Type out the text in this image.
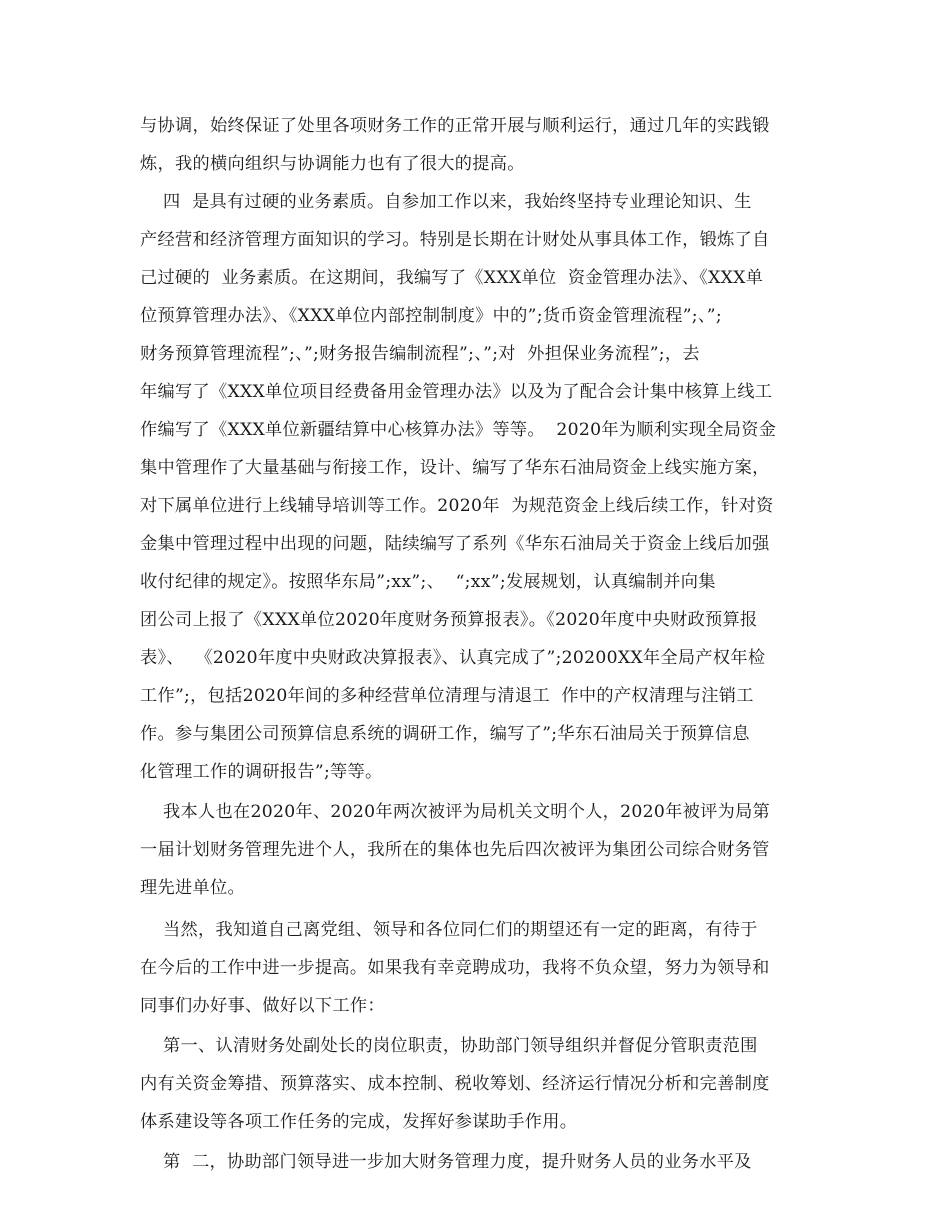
与协调，始终保证了处里各项财务工作的正常开展与顺利运行，通过几年的实践锻
炼，我的横向组织与协调能力也有了很大的提高。
四  是具有过硬的业务素质。自参加工作以来，我始终坚持专业理论知识、生
产经营和经济管理方面知识的学习。特别是长期在计财处从事具体工作，锻炼了自
己过硬的  业务素质。在这期间，我编写了《XXX单位  资金管理办法》、《XXX单
位预算管理办法》、《XXX单位内部控制制度》中的”;货币资金管理流程”;、”;
财务预算管理流程”;、”;财务报告编制流程”;、”;对  外担保业务流程”;，去
年编写了《XXX单位项目经费备用金管理办法》以及为了配合会计集中核算上线工
作编写了《XXX单位新疆结算中心核算办法》等等。  2020年为顺利实现全局资金
集中管理作了大量基础与衔接工作，设计、编写了华东石油局资金上线实施方案，
对下属单位进行上线辅导培训等工作。2020年  为规范资金上线后续工作，针对资
金集中管理过程中出现的问题，陆续编写了系列《华东石油局关于资金上线后加强
收付纪律的规定》。按照华东局”;xx”;、  “;xx”;发展规划，认真编制并向集
团公司上报了《XXX单位2020年度财务预算报表》。《2020年度中央财政预算报
表》、  《2020年度中央财政决算报表》、认真完成了”;20200XX年全局产权年检
工作”;，包括2020年间的多种经营单位清理与清退工  作中的产权清理与注销工
作。参与集团公司预算信息系统的调研工作，编写了”;华东石油局关于预算信息
化管理工作的调研报告”;等等。
我本人也在2020年、2020年两次被评为局机关文明个人，2020年被评为局第
一届计划财务管理先进个人，我所在的集体也先后四次被评为集团公司综合财务管
理先进单位。
当然，我知道自己离党组、领导和各位同仁们的期望还有一定的距离，有待于
在今后的工作中进一步提高。如果我有幸竞聘成功，我将不负众望，努力为领导和
同事们办好事、做好以下工作：
第一、认清财务处副处长的岗位职责，协助部门领导组织并督促分管职责范围
内有关资金筹措、预算落实、成本控制、税收筹划、经济运行情况分析和完善制度
体系建设等各项工作任务的完成，发挥好参谋助手作用。
第  二，协助部门领导进一步加大财务管理力度，提升财务人员的业务水平及
